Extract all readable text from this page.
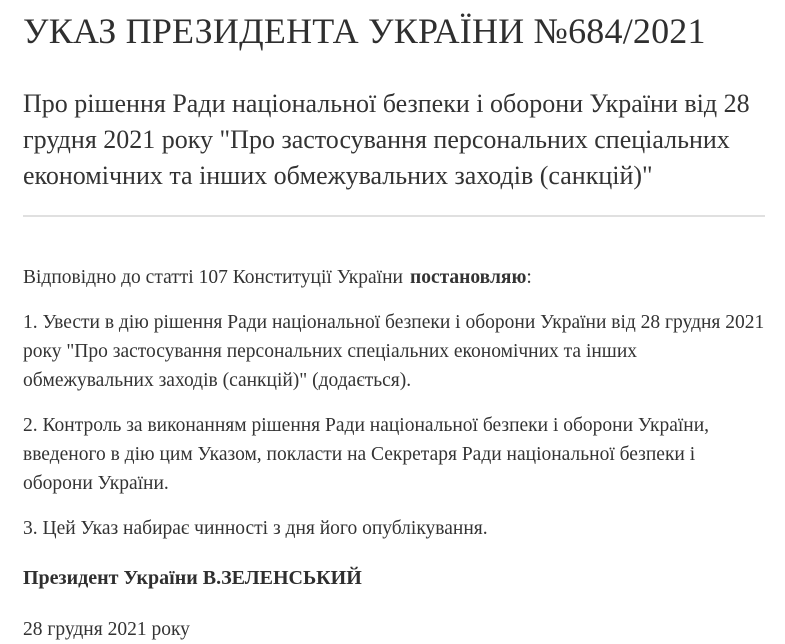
УКАЗ ПРЕЗИДЕНТА УКРАЇНИ №684/2021
Про рішення Ради національної безпеки і оборони України від 28 грудня 2021 року "Про застосування персональних спеціальних економічних та інших обмежувальних заходів (санкцій)"

Відповідно до статті 107 Конституції України постановляю:

1. Увести в дію рішення Ради національної безпеки і оборони України від 28 грудня 2021 року "Про застосування персональних спеціальних економічних та інших обмежувальних заходів (санкцій)" (додається).

2. Контроль за виконанням рішення Ради національної безпеки і оборони України, введеного в дію цим Указом, покласти на Секретаря Ради національної безпеки і оборони України.

3. Цей Указ набирає чинності з дня його опублікування.

Президент України В.ЗЕЛЕНСЬКИЙ

28 грудня 2021 року
